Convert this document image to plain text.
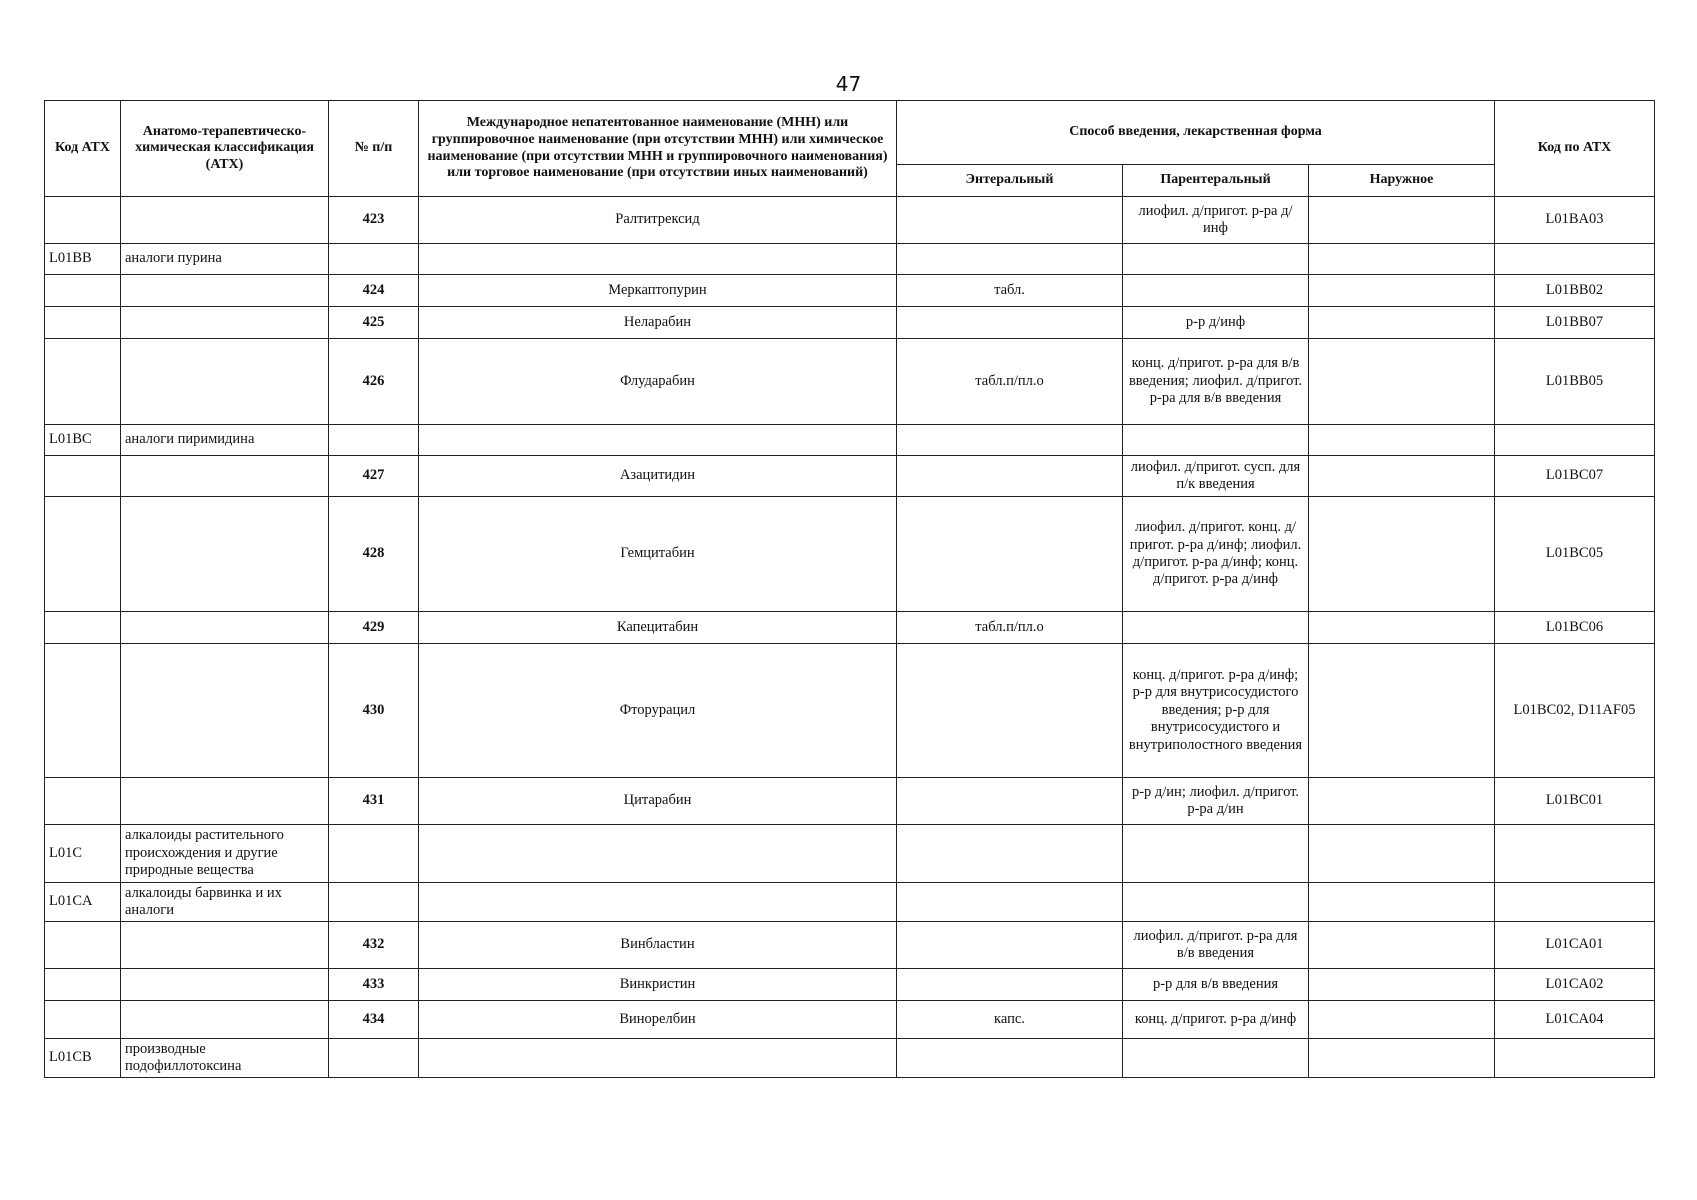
47
Код АТХ	Анатомо-терапевтическо-химическая классификация (АТХ)	№ п/п	Международное непатентованное наименование (МНН) или группировочное наименование (при отсутствии МНН) или химическое наименование (при отсутствии МНН и группировочного наименования) или торговое наименование (при отсутствии иных наименований)	Способ введения, лекарственная форма			Код по АТХ
				Энтеральный	Парентеральный	Наружное	
		423	Ралтитрексид		лиофил. д/пригот. р-ра д/инф		L01BA03
L01BB	аналоги пурина						
		424	Меркаптопурин	табл.			L01BB02
		425	Неларабин		р-р д/инф		L01BB07
		426	Флударабин	табл.п/пл.о	конц. д/пригот. р-ра для в/в введения; лиофил. д/пригот. р-ра для в/в введения		L01BB05
L01BC	аналоги пиримидина						
		427	Азацитидин		лиофил. д/пригот. сусп. для п/к введения		L01BC07
		428	Гемцитабин		лиофил. д/пригот. конц. д/пригот. р-ра д/инф; лиофил. д/пригот. р-ра д/инф; конц. д/пригот. р-ра д/инф		L01BC05
		429	Капецитабин	табл.п/пл.о			L01BC06
		430	Фторурацил		конц. д/пригот. р-ра д/инф; р-р для внутрисосудистого введения; р-р для внутрисосудистого и внутриполостного введения		L01BC02, D11AF05
		431	Цитарабин		р-р д/ин; лиофил. д/пригот. р-ра д/ин		L01BC01
L01C	алкалоиды растительного происхождения и другие природные вещества						
L01CA	алкалоиды барвинка и их аналоги						
		432	Винбластин		лиофил. д/пригот. р-ра для в/в введения		L01CA01
		433	Винкристин		р-р для в/в введения		L01CA02
		434	Винорелбин	капс.	конц. д/пригот. р-ра д/инф		L01CA04
L01CB	производные подофиллотоксина						
